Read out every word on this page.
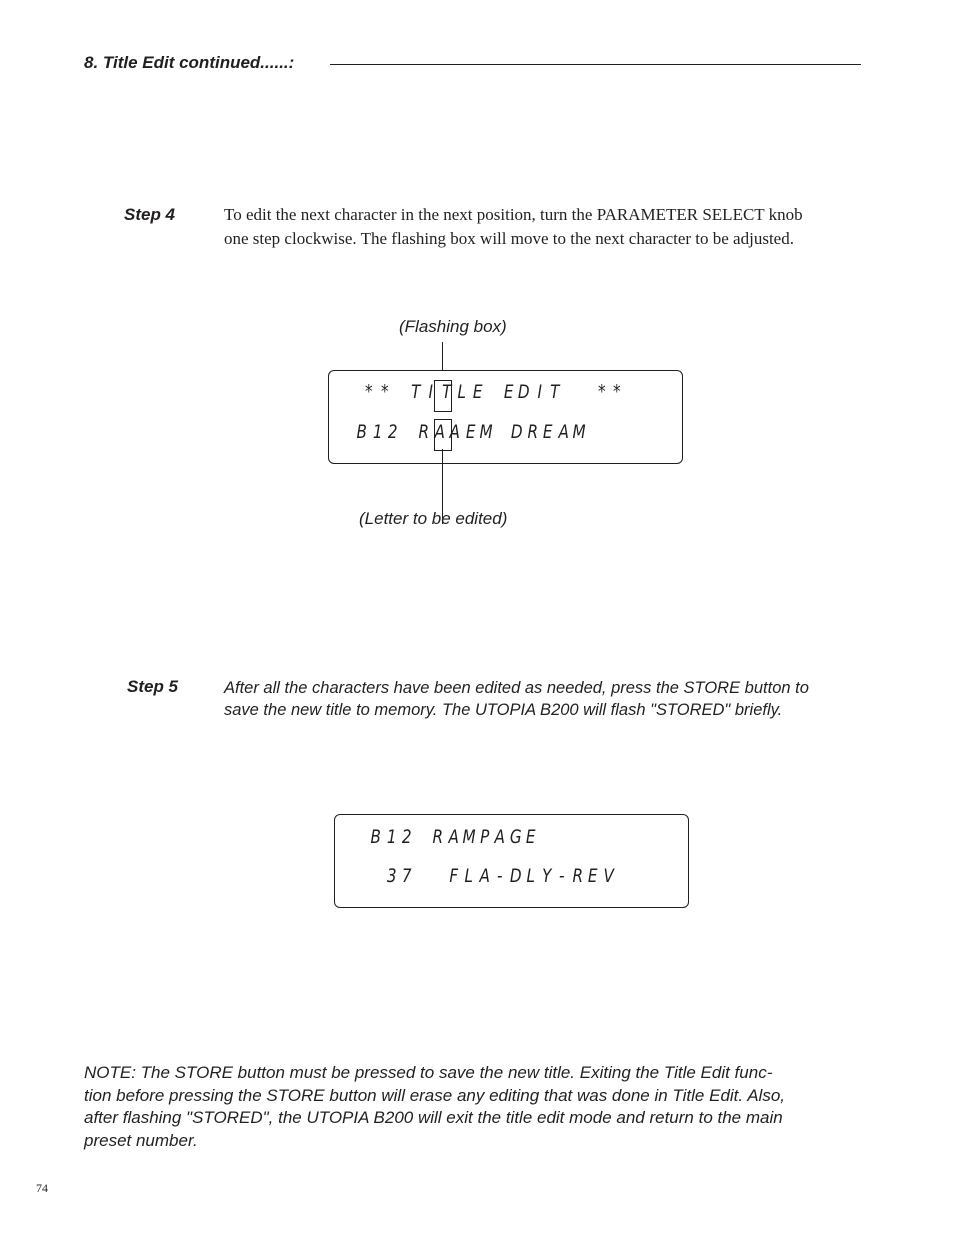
8. Title Edit continued......:
Step 4	To edit the next character in the next position, turn the PARAMETER SELECT knob
one step clockwise. The flashing box will move to the next character to be adjusted.
(Flashing box)
* *
T I T L E
E D I T

* *
B 1 2
R A A E M
D R E A M
(Letter to be edited)
Step 5	After all the characters have been edited as needed, press the STORE button to
save the new title to memory. The UTOPIA B200 will flash "STORED" briefly.
B 1 2
R A M P A G E

3 7

F L A - D L Y - R E V
NOTE: The STORE button must be pressed to save the new title. Exiting the Title Edit func-
tion before pressing the STORE button will erase any editing that was done in Title Edit. Also,
after flashing "STORED", the UTOPIA B200 will exit the title edit mode and return to the main
preset number.
74
